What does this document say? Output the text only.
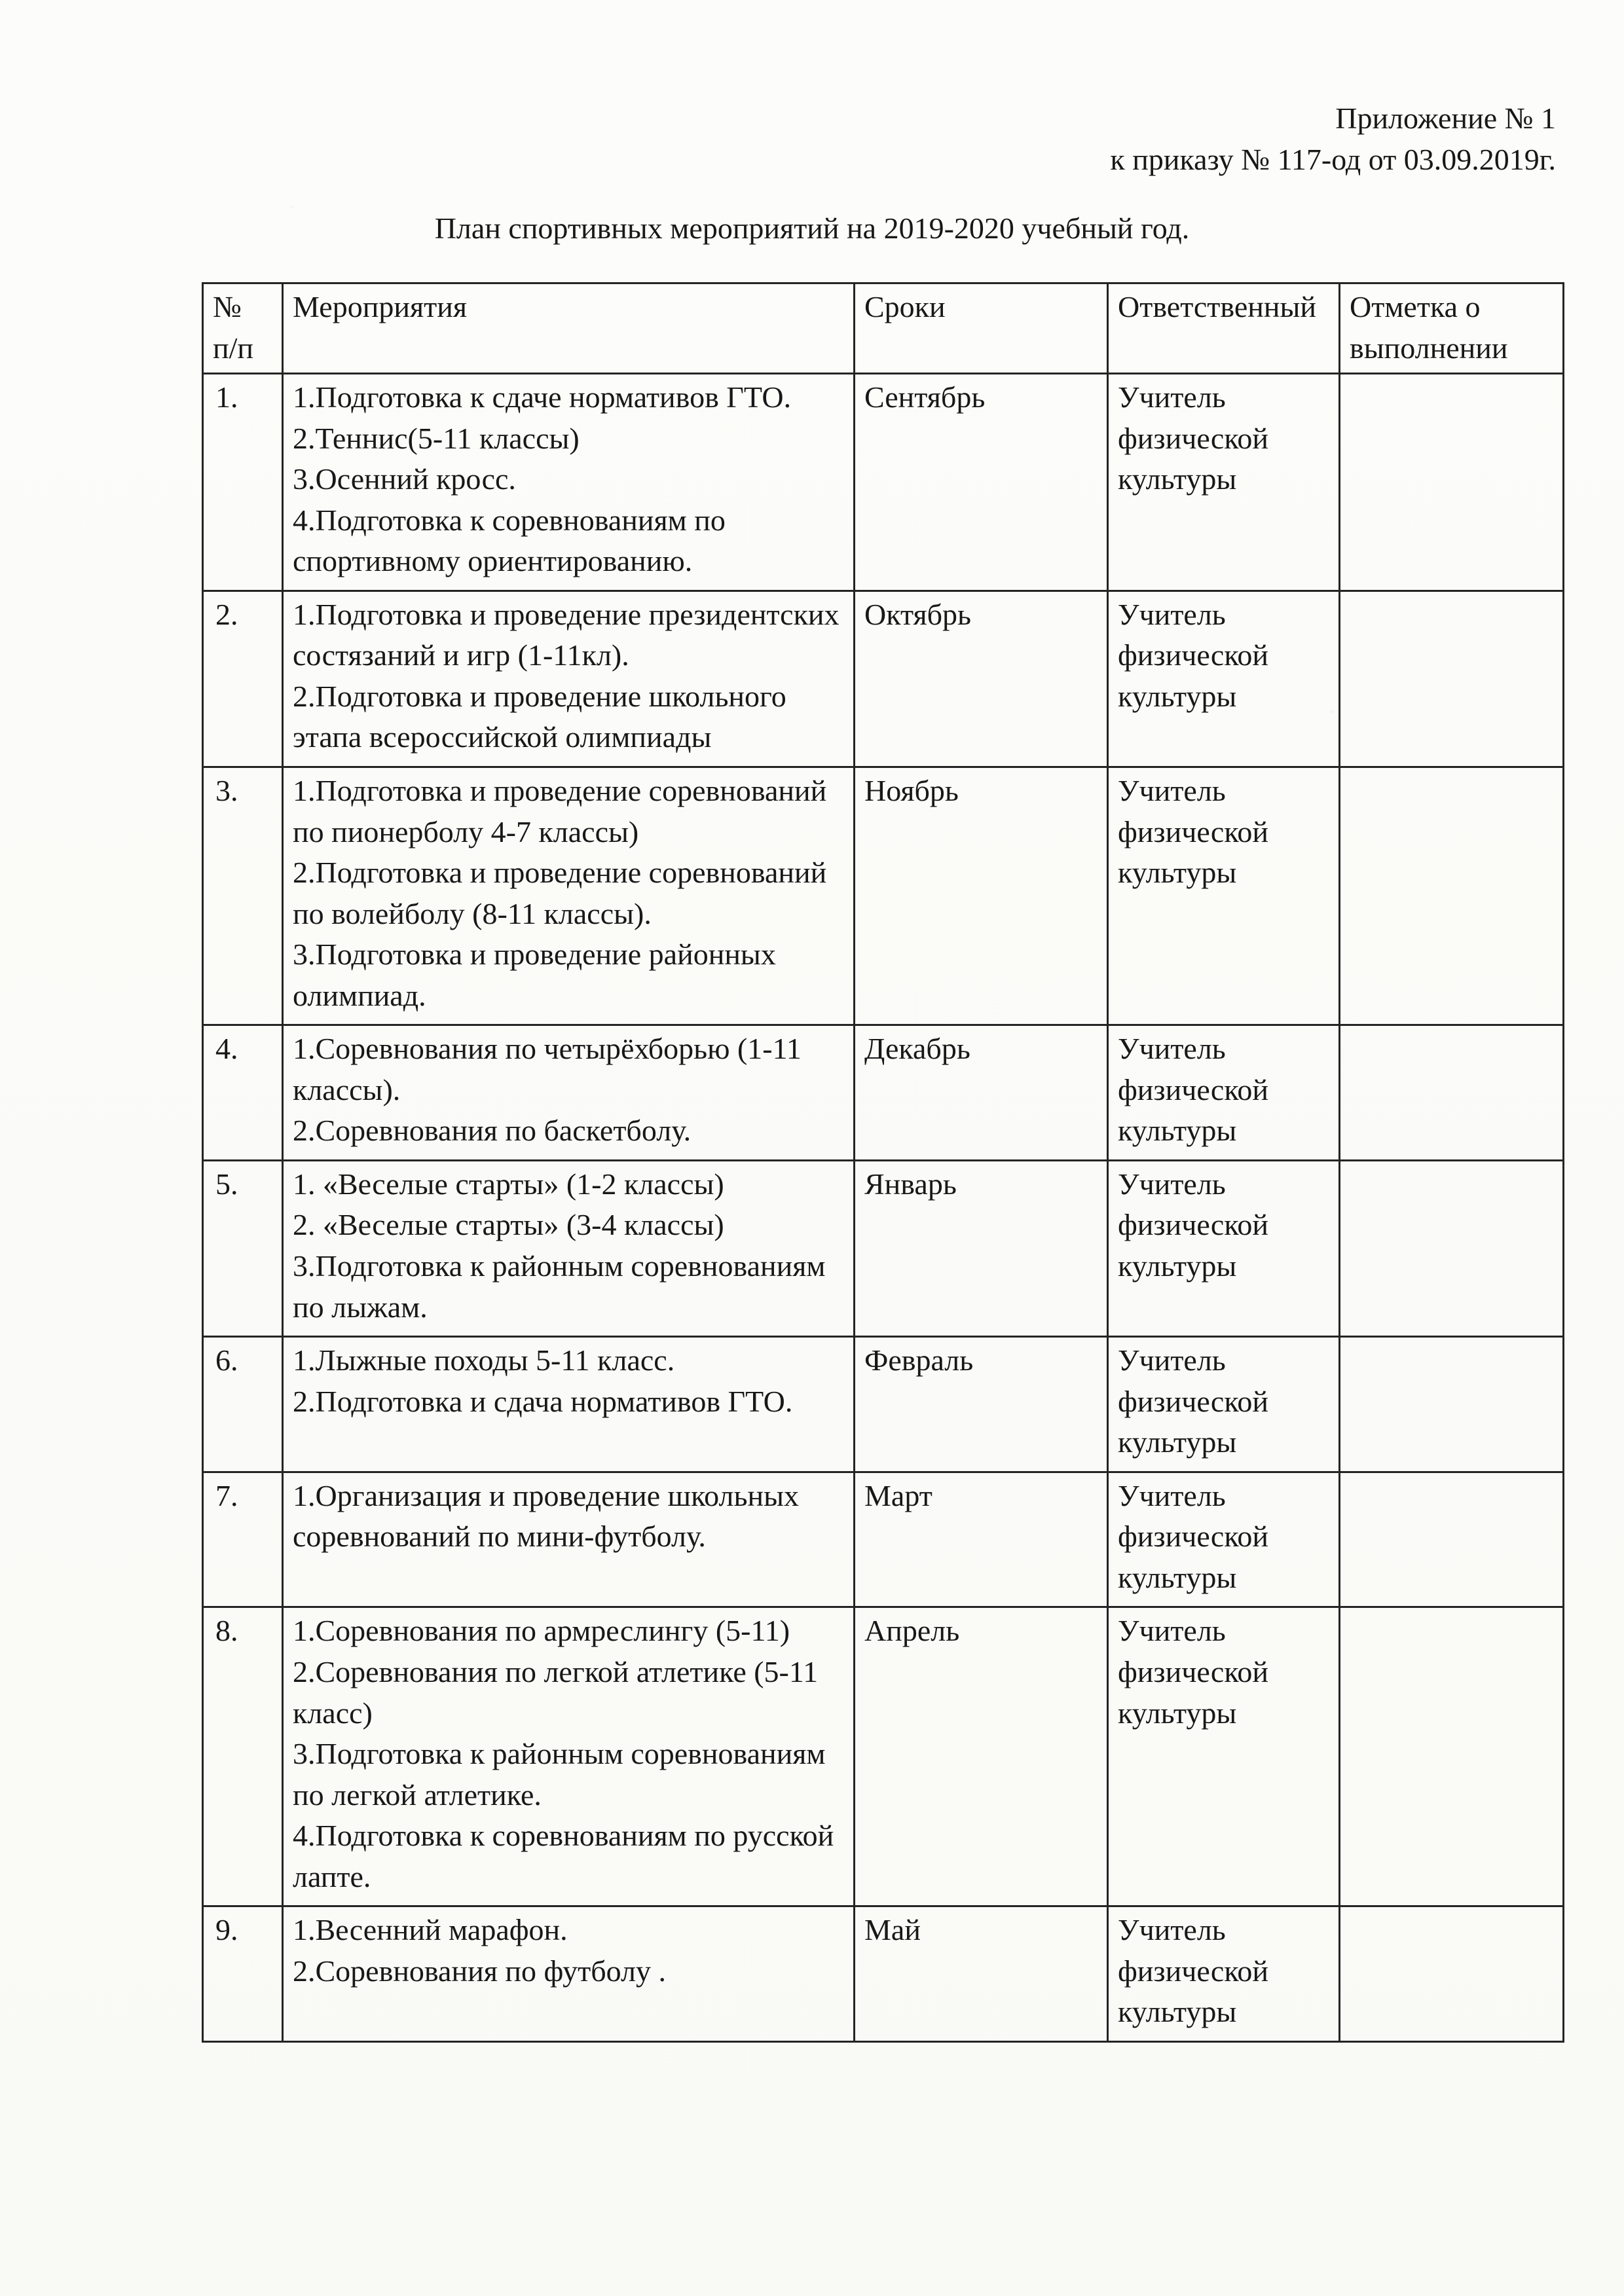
Приложение № 1
к приказу № 117-од от 03.09.2019г.
План спортивных мероприятий на 2019-2020 учебный год.
№ п/п	Мероприятия	Сроки	Ответственный	Отметка о выполнении
1.	1.Подготовка к сдаче нормативов ГТО.
2.Теннис(5-11 классы)
3.Осенний кросс.
4.Подготовка к соревнованиям по спортивному ориентированию.	Сентябрь	Учитель физической культуры	
2.	1.Подготовка и проведение президентских состязаний и игр (1-11кл).
2.Подготовка и проведение школьного этапа всероссийской олимпиады	Октябрь	Учитель физической культуры	
3.	1.Подготовка и проведение соревнований по пионерболу 4-7 классы)
2.Подготовка и проведение соревнований по волейболу (8-11 классы).
3.Подготовка и проведение районных олимпиад.	Ноябрь	Учитель физической культуры	
4.	1.Соревнования по четырёхборью (1-11 классы).
2.Соревнования по баскетболу.	Декабрь	Учитель физической культуры	
5.	1. «Веселые старты» (1-2 классы)
2. «Веселые старты» (3-4 классы)
3.Подготовка к районным соревнованиям по лыжам.	Январь	Учитель физической культуры	
6.	1.Лыжные походы 5-11 класс.
2.Подготовка и сдача нормативов ГТО.	Февраль	Учитель физической культуры	
7.	1.Организация и проведение школьных соревнований по мини-футболу.	Март	Учитель физической культуры	
8.	1.Соревнования по армреслингу (5-11)
2.Соревнования по легкой атлетике (5-11 класс)
3.Подготовка к районным соревнованиям по легкой атлетике.
4.Подготовка к соревнованиям по русской лапте.	Апрель	Учитель физической культуры	
9.	1.Весенний марафон.
2.Соревнования по футболу .	Май	Учитель физической культуры	
